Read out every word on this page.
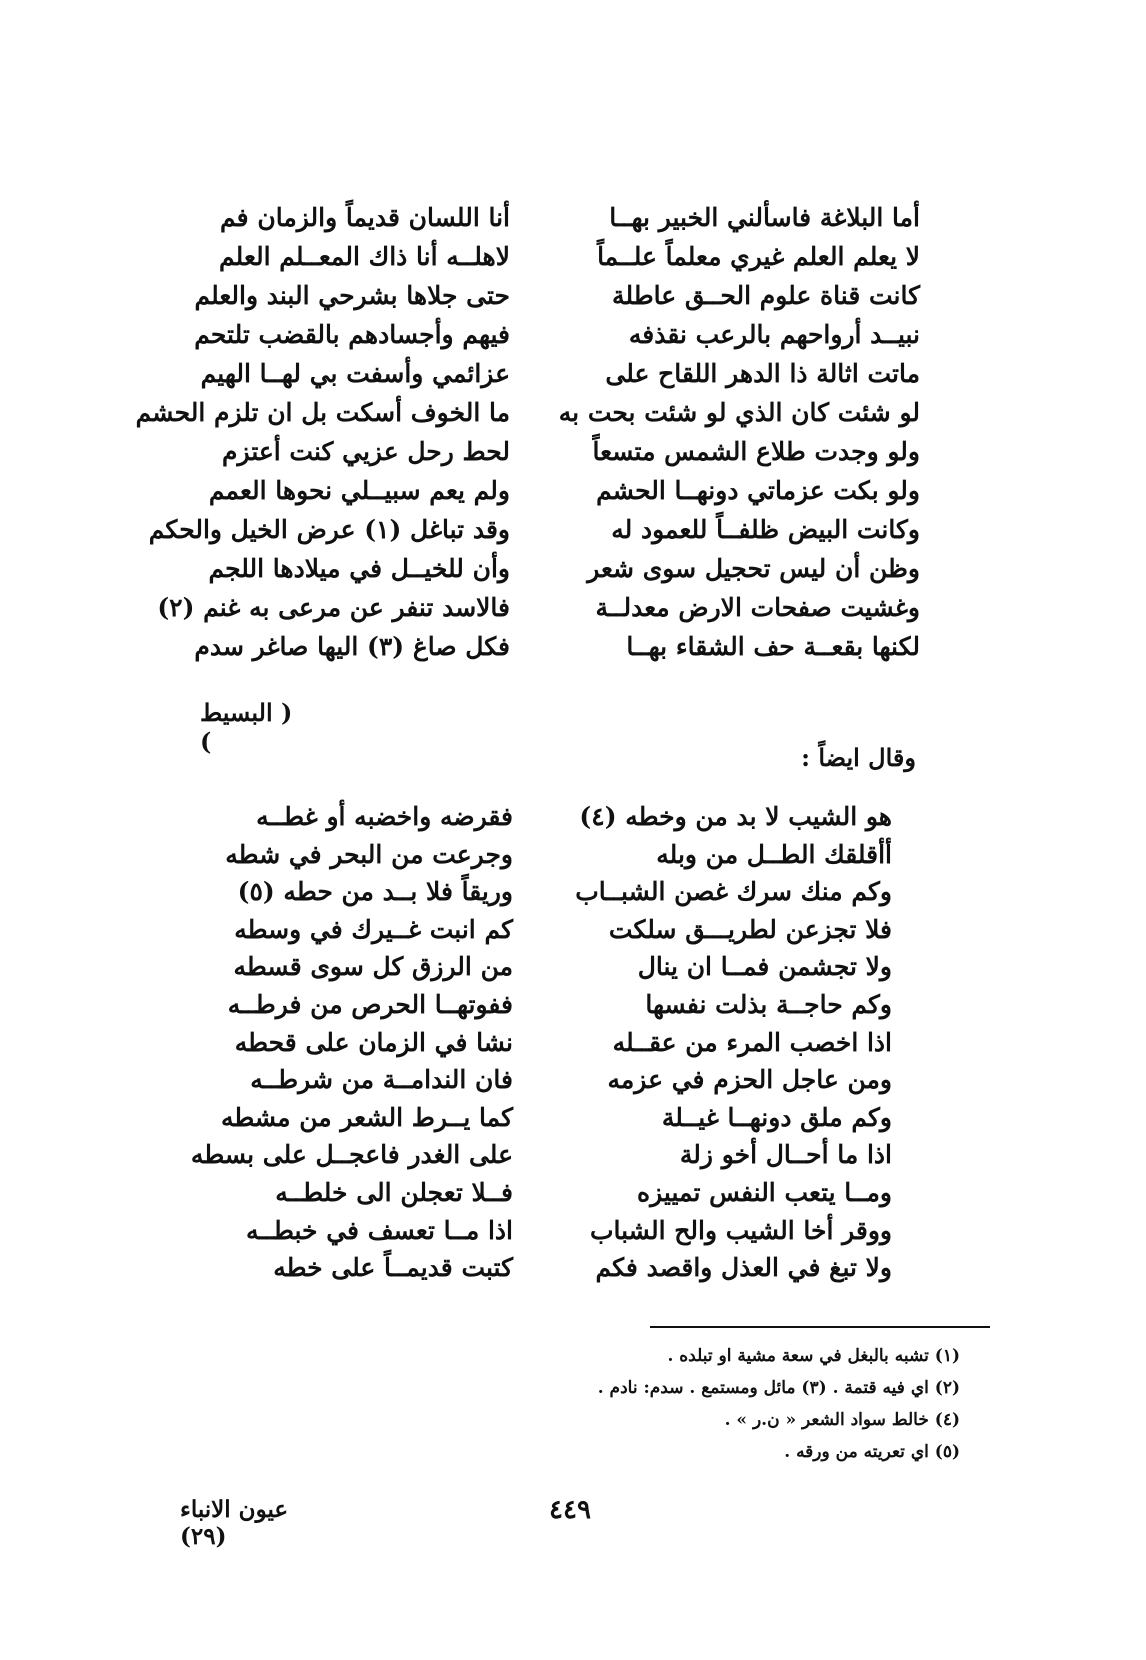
أما البلاغة فاسألني الخبير بهــا
لا يعلم العلم غيري معلماً علــماً
كانت قناة علوم الحــق عاطلة
نبيــد أرواحهم بالرعب نقذفه
ماتت اثالة ذا الدهر اللقاح على
لو شئت كان الذي لو شئت بحت به
ولو وجدت طلاع الشمس متسعاً
ولو بكت عزماتي دونهــا الحشم
وكانت البيض ظلفــاً للعمود له
وظن أن ليس تحجيل سوى شعر
وغشيت صفحات الارض معدلــة
لكنها بقعــة حف الشقاء بهــا
أنا اللسان قديماً والزمان فم
لاهلــه أنا ذاك المعــلم العلم
حتى جلاها بشرحي البند والعلم
فيهم وأجسادهم بالقضب تلتحم
عزائمي وأسفت بي لهــا الهيم
ما الخوف أسكت بل ان تلزم الحشم
لحط رحل عزيي كنت أعتزم
ولم يعم سبيــلي نحوها العمم
وقد تباغل (١) عرض الخيل والحكم
وأن للخيــل في ميلادها اللجم
فالاسد تنفر عن مرعى به غنم (٢)
فكل صاغ (٣) اليها صاغر سدم
( البسيط )
وقال ايضاً :
هو الشيب لا بد من وخطه (٤)
أأقلقك الطــل من وبله
وكم منك سرك غصن الشبــاب
فلا تجزعن لطريـــق سلكت
ولا تجشمن فمــا ان ينال
وكم حاجــة بذلت نفسها
اذا اخصب المرء من عقــله
ومن عاجل الحزم في عزمه
وكم ملق دونهــا غيــلة
اذا ما أحــال أخو زلة
ومــا يتعب النفس تمييزه
ووقر أخا الشيب والح الشباب
ولا تبغ في العذل واقصد فكم
فقرضه واخضبه أو غطــه
وجرعت من البحر في شطه
وريقاً فلا بــد من حطه (٥)
كم انبت غــيرك في وسطه
من الرزق كل سوى قسطه
ففوتهــا الحرص من فرطــه
نشا في الزمان على قحطه
فان الندامــة من شرطــه
كما يــرط الشعر من مشطه
على الغدر فاعجــل على بسطه
فــلا تعجلن الى خلطــه
اذا مــا تعسف في خبطــه
كتبت قديمــاً على خطه
(١) تشبه بالبغل في سعة مشية او تبلده .
(٢) اي فيه قتمة . (٣) مائل ومستمع . سدم: نادم .
(٤) خالط سواد الشعر « ن.ر » .
(٥) اي تعريته من ورقه .
٤٤٩
عيون الانباء (٢٩)
